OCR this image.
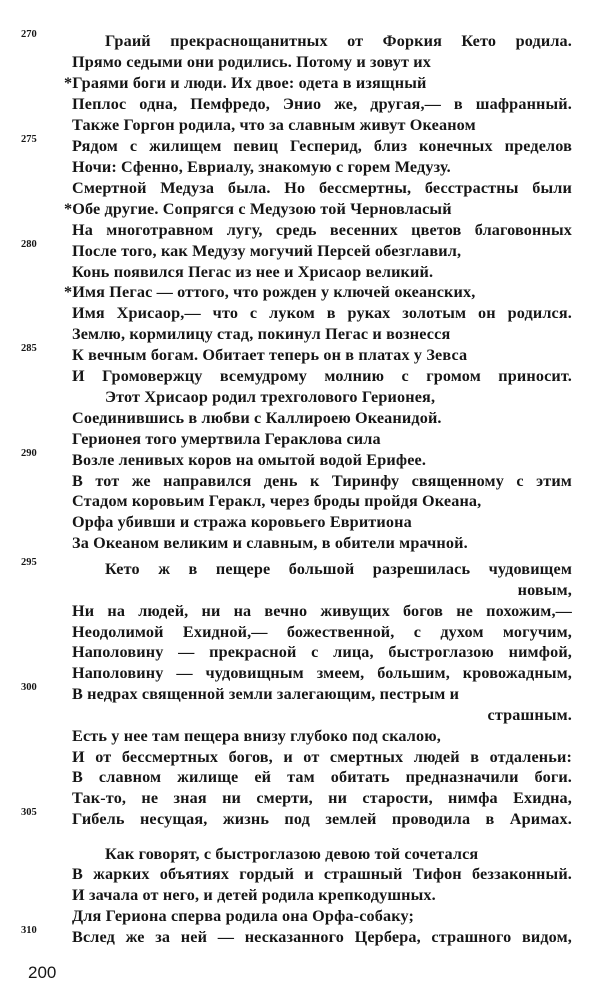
Граий прекраснощанитных от Форкия Кето родила.
270
Прямо седыми они родились. Потому и зовут их
*Граями боги и люди. Их двое: одета в изящный
Пеплос одна, Пемфредо, Энио же, другая,— в шафранный.
Также Горгон родила, что за славным живут Океаном
Рядом с жилищем певиц Гесперид, близ конечных пределов
275
Ночи: Сфенно, Евриалу, знакомую с горем Медузу.
Смертной Медуза была. Но бессмертны, бесстрастны были
*Обе другие. Сопрягся с Медузою той Черновласый
На многотравном лугу, средь весенних цветов благовонных
После того, как Медузу могучий Персей обезглавил,
280
Конь появился Пегас из нее и Хрисаор великий.
*Имя Пегас — оттого, что рожден у ключей океанских,
Имя Хрисаор,— что с луком в руках золотым он родился.
Землю, кормилицу стад, покинул Пегас и вознесся
К вечным богам. Обитает теперь он в платах у Зевса
285
И Громовержцу всемудрому молнию с громом приносит.
Этот Хрисаор родил трехголового Герионея,
Соединившись в любви с Каллироею Океанидой.
Герионея того умертвила Гераклова сила
Возле ленивых коров на омытой водой Ерифее.
290
В тот же направился день к Тиринфу священному с этим
Стадом коровьим Геракл, через броды пройдя Океана,
Орфа убивши и стража коровьего Евритиона
За Океаном великим и славным, в обители мрачной.
Кето ж в пещере большой разрешилась чудовищем
295
новым,
Ни на людей, ни на вечно живущих богов не похожим,—
Неодолимой Ехидной,— божественной, с духом могучим,
Наполовину — прекрасной с лица, быстроглазою нимфой,
Наполовину — чудовищным змеем, большим, кровожадным,
В недрах священной земли залегающим, пестрым и
300
страшным.
Есть у нее там пещера внизу глубоко под скалою,
И от бессмертных богов, и от смертных людей в отдаленьи:
В славном жилище ей там обитать предназначили боги.
Так-то, не зная ни смерти, ни старости, нимфа Ехидна,
Гибель несущая, жизнь под землей проводила в Аримах.
305
Как говорят, с быстроглазою девою той сочетался
В жарких объятиях гордый и страшный Тифон беззаконный.
И зачала от него, и детей родила крепкодушных.
Для Гериона сперва родила она Орфа-собаку;
Вслед же за ней — несказанного Цербера, страшного видом,
310
200
